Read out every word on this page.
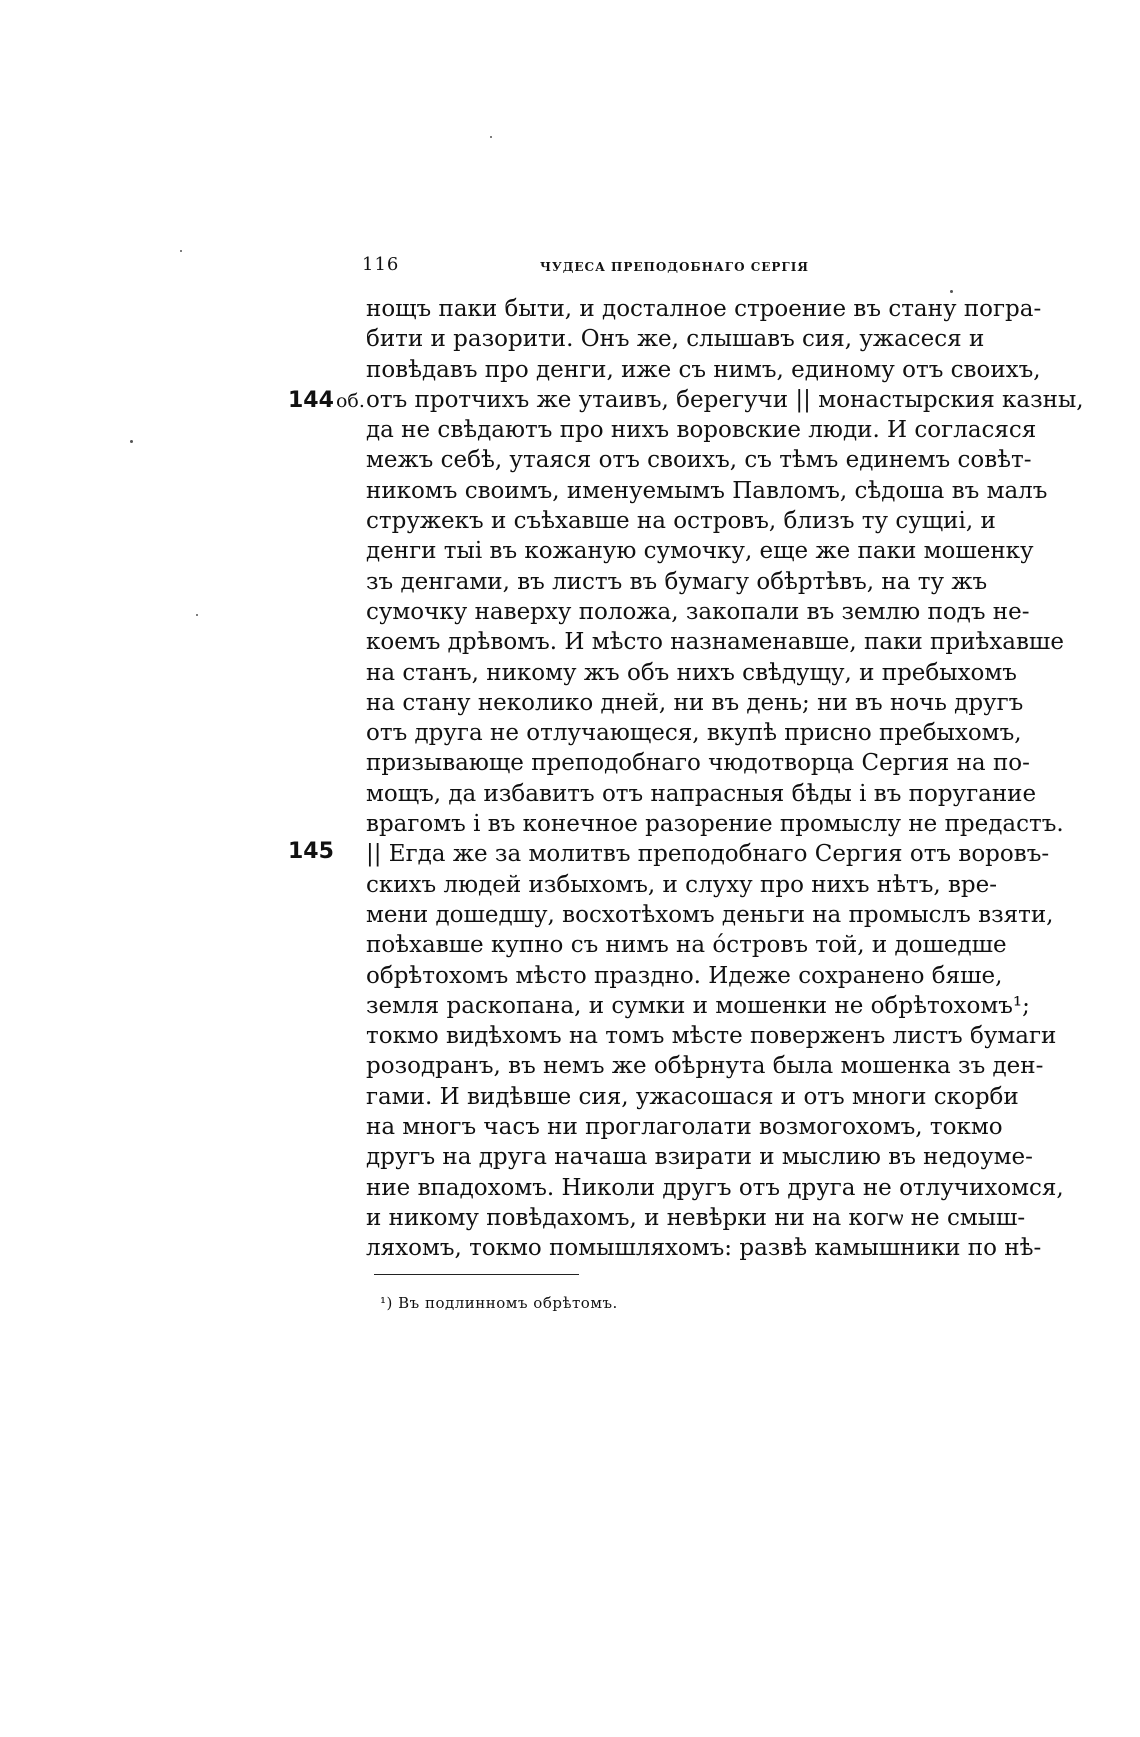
116	ЧУДЕСА ПРЕПОДОБНАГО СЕРГІЯ
144 об.
145
нощъ паки быти, и досталное строение въ стану погра-
бити и разорити. Онъ же, слышавъ сия, ужасеся и
повѣдавъ про денги, иже съ нимъ, единому отъ своихъ,
отъ протчихъ же утаивъ, берегучи || монастырския казны,
да не свѣдаютъ про нихъ воровские люди. И согласяся
межъ себѣ, утаяся отъ своихъ, съ тѣмъ единемъ совѣт-
никомъ своимъ, именуемымъ Павломъ, сѣдоша въ малъ
стружекъ и съѣхавше на островъ, близъ ту сущиі, и
денги тыі въ кожаную сумочку, еще же паки мошенку
зъ денгами, въ листъ въ бумагу обѣртѣвъ, на ту жъ
сумочку наверху положа, закопали въ землю подъ не-
коемъ дрѣвомъ. И мѣсто назнаменавше, паки приѣхавше
на станъ, никому жъ объ нихъ свѣдущу, и пребыхомъ
на стану неколико дней, ни въ день; ни въ ночь другъ
отъ друга не отлучающеся, вкупѣ присно пребыхомъ,
призывающе преподобнаго чюдотворца Сергия на по-
мощъ, да избавитъ отъ напрасныя бѣды і въ поругание
врагомъ і въ конечное разорение промыслу не предастъ.
|| Егда же за молитвъ преподобнаго Сергия отъ воровъ-
скихъ людей избыхомъ, и слуху про нихъ нѣтъ, вре-
мени дошедшу, восхотѣхомъ деньги на промыслъ взяти,
поѣхавше купно съ нимъ на о́стровъ той, и дошедше
обрѣтохомъ мѣсто праздно. Идеже сохранено бяше,
земля раскопана, и сумки и мошенки не обрѣтохомъ¹;
токмо видѣхомъ на томъ мѣсте поверженъ листъ бумаги
розодранъ, въ немъ же обѣрнута была мошенка зъ ден-
гами. И видѣвше сия, ужасошася и отъ многи скорби
на многъ часъ ни проглаголати возмогохомъ, токмо
другъ на друга начаша взирати и мыслию въ недоуме-
ние впадохомъ. Николи другъ отъ друга не отлучихомся,
и никому повѣдахомъ, и невѣрки ни на когѡ не смыш-
ляхомъ, токмо помышляхомъ: развѣ камышники по нѣ-
¹) Въ подлинномъ обрѣтомъ.
